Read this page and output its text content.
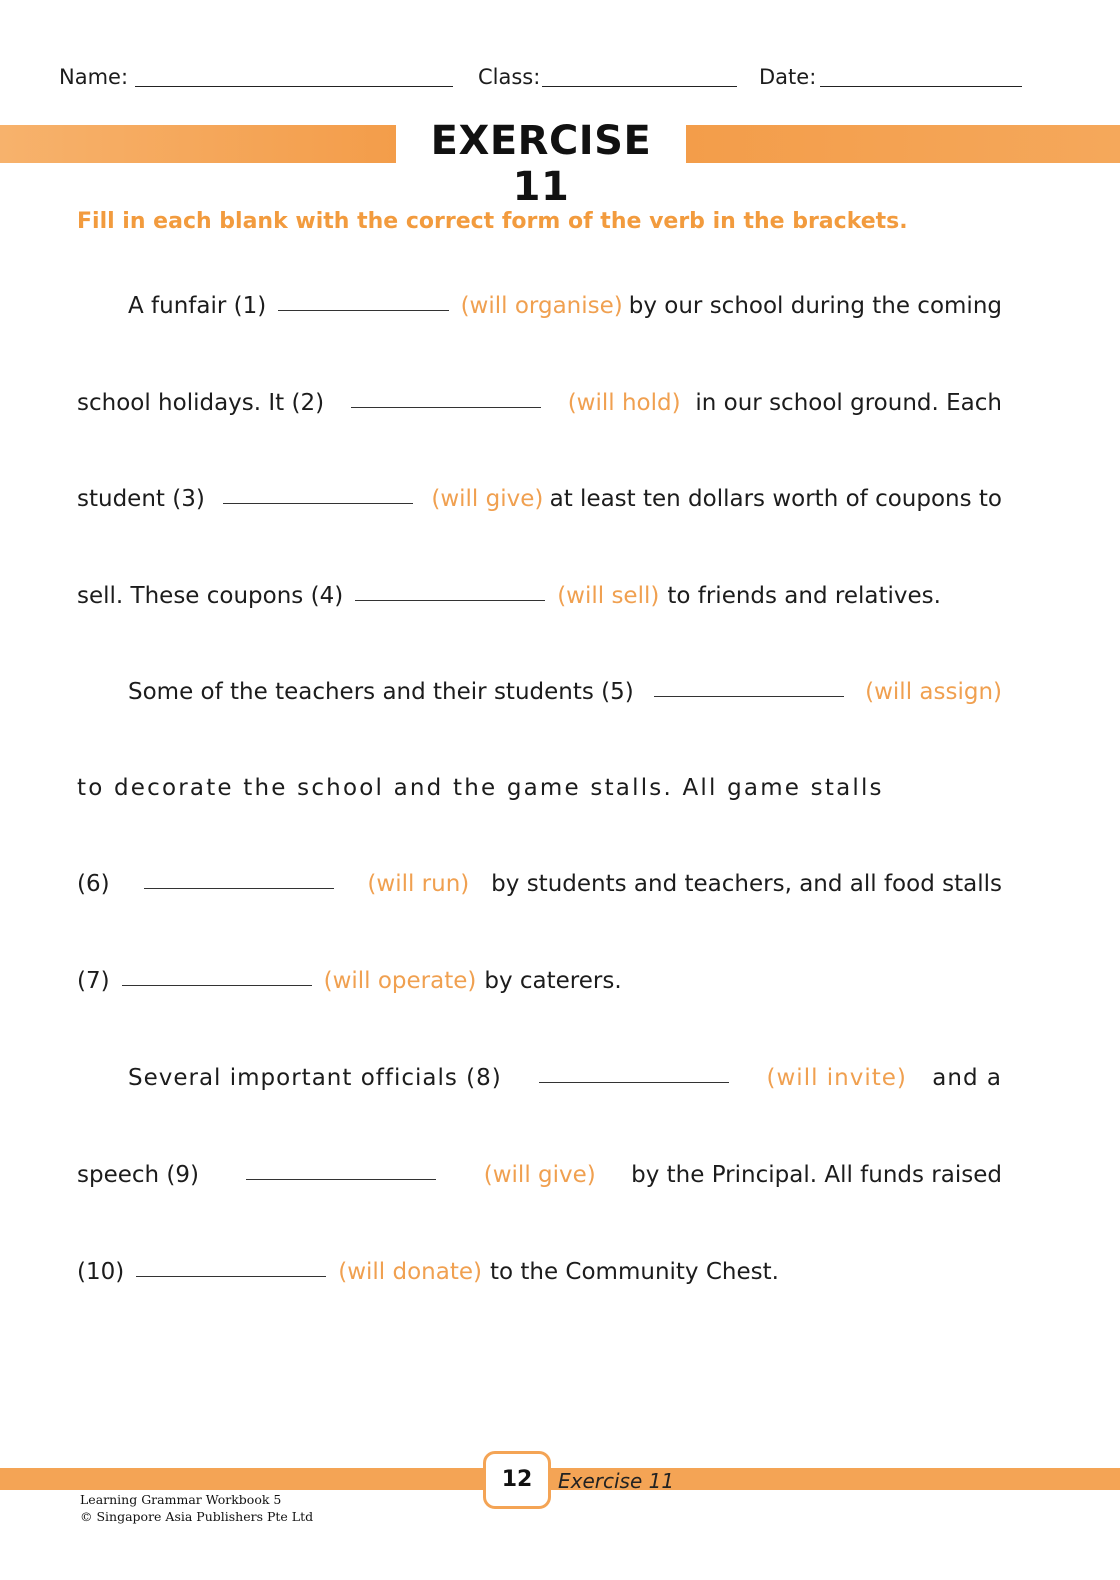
Name:	Class:	Date:
EXERCISE 11
Fill in each blank with the correct form of the verb in the brackets.
A funfair (1)	(will organise) by our school during the coming
school holidays. It (2)	(will hold) in our school ground. Each
student (3)	(will give) at least ten dollars worth of coupons to
sell. These coupons (4)	(will sell) to friends and relatives.
Some of the teachers and their students (5)	(will assign)
to decorate the school and the game stalls. All game stalls
(6)	(will run) by students and teachers, and all food stalls
(7)	(will operate) by caterers.
Several important officials (8)	(will invite) and a
speech (9)	(will give) by the Principal. All funds raised
(10)	(will donate) to the Community Chest.
12	Exercise 11
Learning Grammar Workbook 5
© Singapore Asia Publishers Pte Ltd
